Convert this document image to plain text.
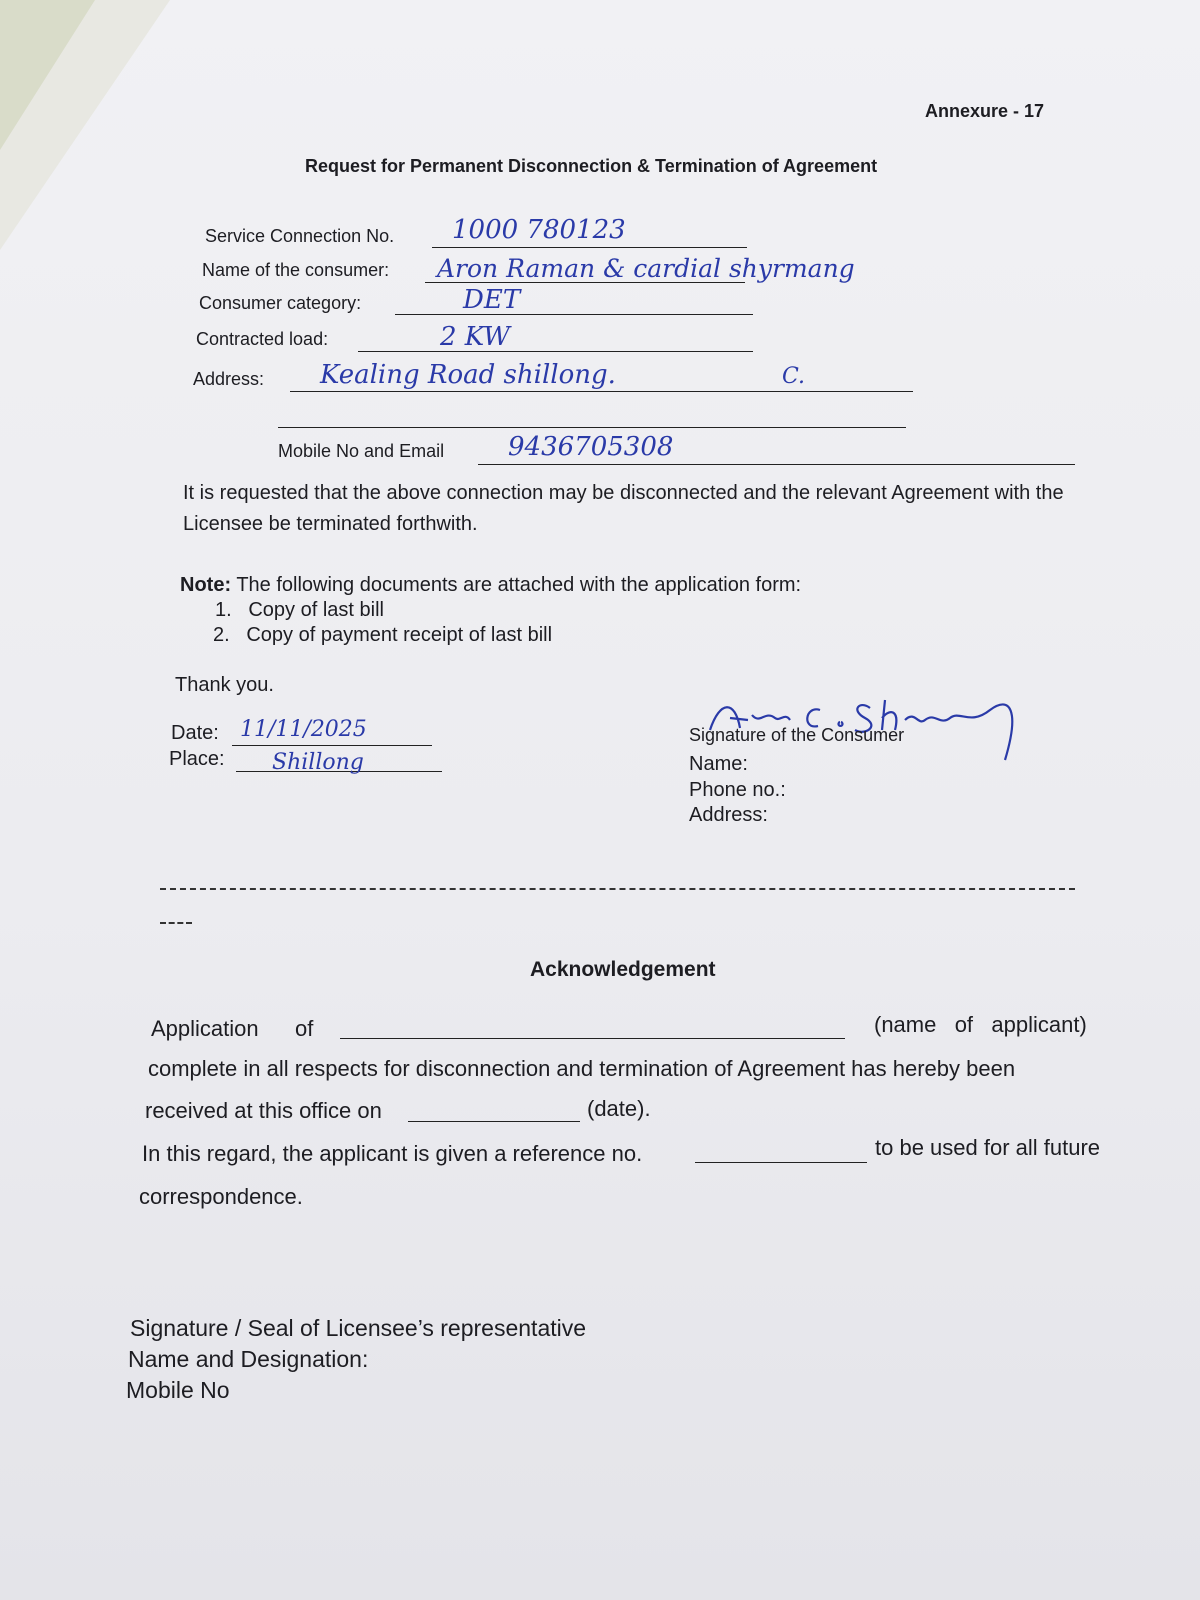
Annexure - 17
Request for Permanent Disconnection & Termination of Agreement
Service Connection No. 1000 780123
Name of the consumer: Aron Raman & cardial shyrmang
Consumer category:	DET
Contracted load:	2 KW
Address: Kealing Road shillong.	C.
Mobile No and Email 9436705308
It is requested that the above connection may be disconnected and the relevant Agreement with the Licensee be terminated forthwith.
Note: The following documents are attached with the application form:
1. Copy of last bill
2. Copy of payment receipt of last bill
Thank you.
Date: 11/11/2025
Place: Shillong
Signature of the Consumer
Name:
Phone no.:
Address:
Acknowledgement
Application of	(name   of   applicant)
complete in all respects for disconnection and termination of Agreement has hereby been
received at this office on	(date).
In this regard, the applicant is given a reference no.	to be used for all future
correspondence.
Signature / Seal of Licensee’s representative
Name and Designation:
Mobile No
